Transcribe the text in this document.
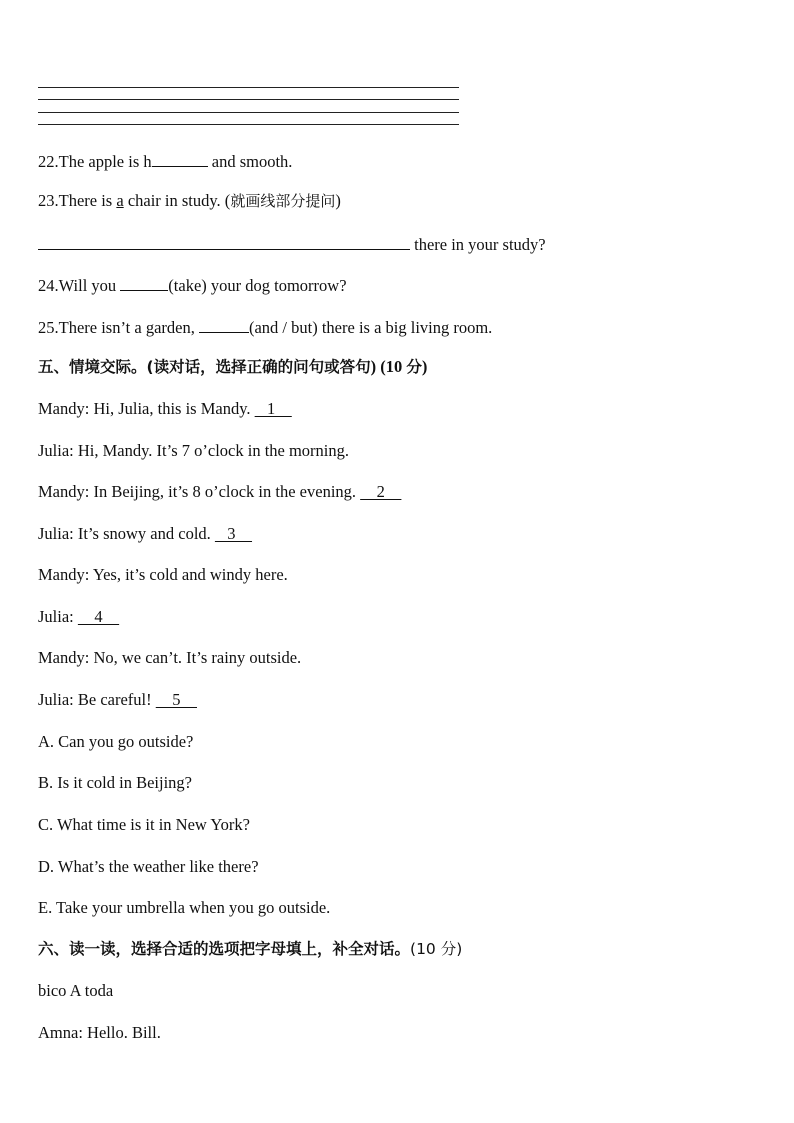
22.The apple is h	and smooth.
23.There is a chair in study. (就画线部分提问)
there in your study?
24.Will you	(take) your dog tomorrow?
25.There isn’t a garden,	(and / but) there is a big living room.
五、情境交际。(读对话，选择正确的问句或答句) (10 分)
Mandy: Hi, Julia, this is Mandy.    1
Julia: Hi, Mandy. It’s 7 o’clock in the morning.
Mandy: In Beijing, it’s 8 o’clock in the evening.     2
Julia: It’s snowy and cold.    3
Mandy: Yes, it’s cold and windy here.
Julia:     4
Mandy: No, we can’t. It’s rainy outside.
Julia: Be careful!     5
A. Can you go outside?
B. Is it cold in Beijing?
C. What time is it in New York?
D. What’s the weather like there?
E. Take your umbrella when you go outside.
六、读一读，选择合适的选项把字母填上，补全对话。(10 分)
bico A toda
Amna: Hello. Bill.
